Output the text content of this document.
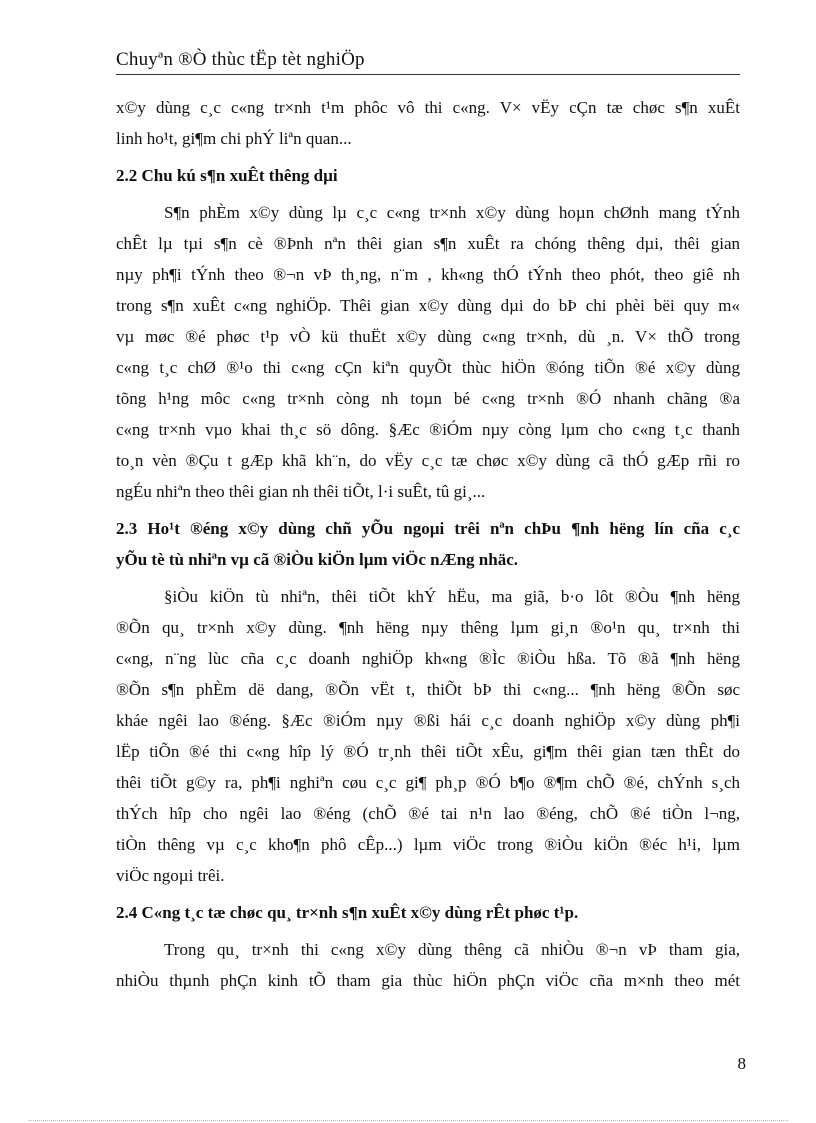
Chuyªn ®Ò thùc tËp tèt nghiÖp
x©y dùng c¸c c«ng tr×nh t¹m phôc vô thi c«ng. V× vËy cÇn tæ chøc s¶n xuÊt
linh ho¹t, gi¶m chi phÝ liªn quan...
2.2 Chu kú s¶n xuÊt thêng dµi
S¶n phÈm x©y dùng lµ c¸c c«ng tr×nh x©y dùng hoµn chØnh mang tÝnh
chÊt lµ tµi s¶n cè ®Þnh nªn thêi gian s¶n xuÊt ra chóng thêng dµi, thêi gian
nµy ph¶i tÝnh theo ®¬n vÞ th¸ng, n¨m , kh«ng thÓ tÝnh theo phót, theo giê nh
trong s¶n xuÊt c«ng nghiÖp. Thêi gian x©y dùng dµi do bÞ chi phèi bëi quy m«
vµ møc ®é phøc t¹p vÒ kü thuËt x©y dùng c«ng tr×nh, dù ¸n. V× thÕ trong
c«ng t¸c chØ ®¹o thi c«ng cÇn kiªn quyÕt thùc hiÖn ®óng tiÕn ®é x©y dùng
tõng h¹ng môc c«ng tr×nh còng nh toµn bé c«ng tr×nh ®Ó nhanh chãng ®a
c«ng tr×nh vµo khai th¸c sö dông. §Æc ®iÓm nµy còng lµm cho c«ng t¸c thanh
to¸n vèn ®Çu t gÆp khã kh¨n, do vËy c¸c tæ chøc x©y dùng cã thÓ gÆp rñi ro
ngÉu nhiªn theo thêi gian nh thêi tiÕt, l·i suÊt, tû gi¸...
2.3 Ho¹t ®éng x©y dùng chñ yÕu ngoµi trêi nªn chÞu ¶nh hëng lín cña c¸c
yÕu tè tù nhiªn vµ cã ®iÒu kiÖn lµm viÖc nÆng nhäc.
§iÒu kiÖn tù nhiªn, thêi tiÕt khÝ hËu, ma giã, b·o lôt ®Òu ¶nh hëng
®Õn qu¸ tr×nh x©y dùng. ¶nh hëng nµy thêng lµm gi¸n ®o¹n qu¸ tr×nh thi
c«ng, n¨ng lùc cña c¸c doanh nghiÖp kh«ng ®Ìc ®iÒu hßa. Tõ ®ã ¶nh hëng
®Õn s¶n phÈm dë dang, ®Õn vËt t, thiÕt bÞ thi c«ng... ¶nh hëng ®Õn søc
kháe ngêi lao ®éng. §Æc ®iÓm nµy ®ßi hái c¸c doanh nghiÖp x©y dùng ph¶i
lËp tiÕn ®é thi c«ng hîp lý ®Ó tr¸nh thêi tiÕt xÊu, gi¶m thêi gian tæn thÊt do
thêi tiÕt g©y ra, ph¶i nghiªn cøu c¸c gi¶ ph¸p ®Ó b¶o ®¶m chÕ ®é, chÝnh s¸ch
thÝch hîp cho ngêi lao ®éng (chÕ ®é tai n¹n lao ®éng, chÕ ®é tiÒn l¬ng,
tiÒn thêng vµ c¸c kho¶n phô cÊp...) lµm viÖc trong ®iÒu kiÖn ®éc h¹i, lµm
viÖc ngoµi trêi.
2.4 C«ng t¸c tæ chøc qu¸ tr×nh s¶n xuÊt x©y dùng rÊt phøc t¹p.
Trong qu¸ tr×nh thi c«ng x©y dùng thêng cã nhiÒu ®¬n vÞ tham gia,
nhiÒu thµnh phÇn kinh tÕ tham gia thùc hiÖn phÇn viÖc cña m×nh theo mét
8
